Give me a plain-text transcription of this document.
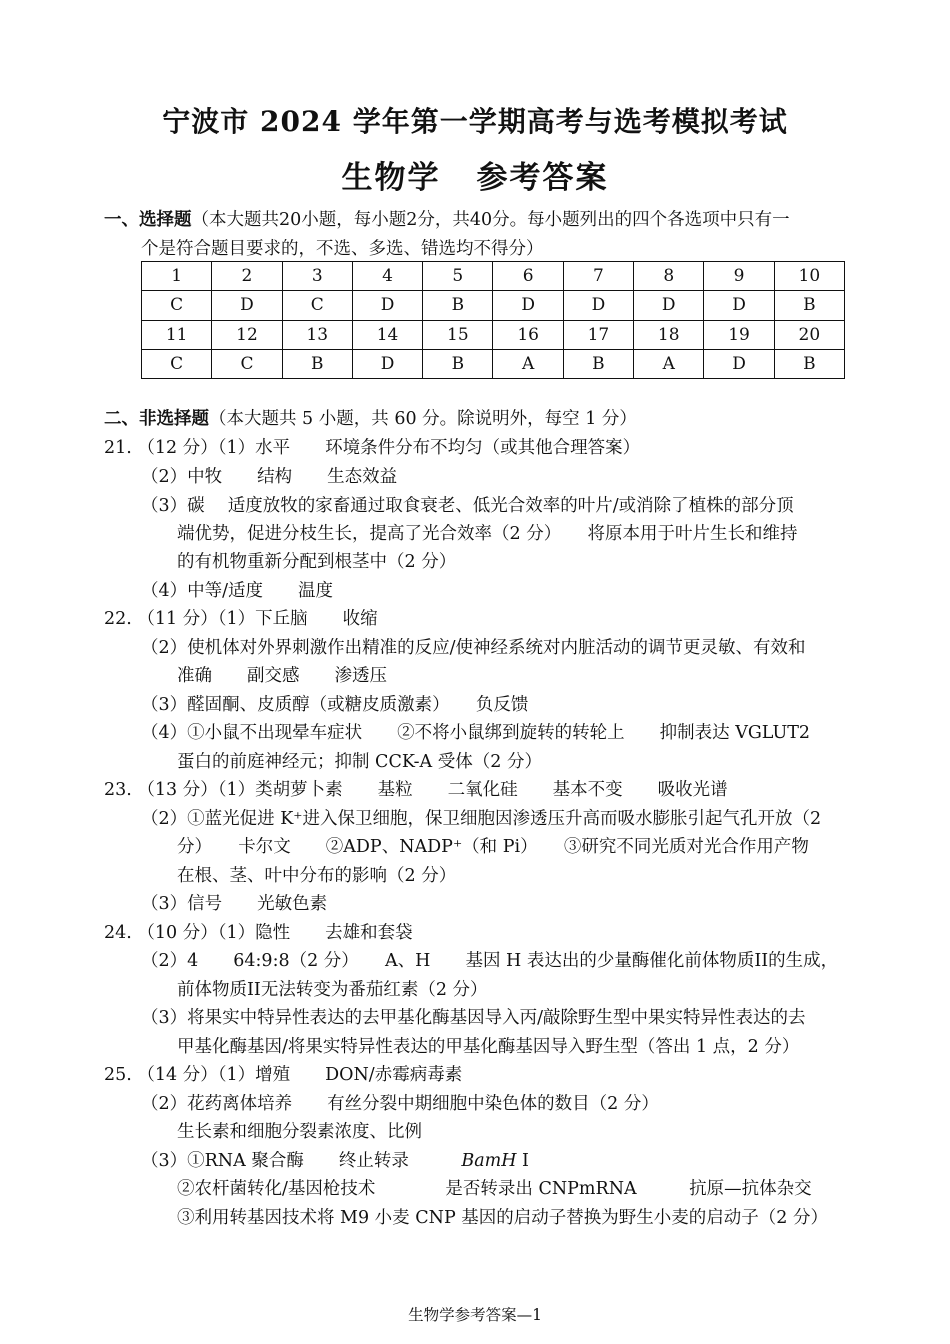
宁波市 2024 学年第一学期高考与选考模拟考试
生物学 参考答案
一、选择题（本大题共20小题，每小题2分，共40分。每小题列出的四个各选项中只有一
个是符合题目要求的，不选、多选、错选均不得分）
1	2	3	4	5	6	7	8	9	10
C	D	C	D	B	D	D	D	D	B
11	12	13	14	15	16	17	18	19	20
C	C	B	D	B	A	B	A	D	B
二、非选择题（本大题共 5 小题，共 60 分。除说明外，每空 1 分）
21. （12 分）（1）水平　　环境条件分布不均匀（或其他合理答案）
（2）中牧　　结构　　生态效益
（3）碳　 适度放牧的家畜通过取食衰老、低光合效率的叶片/或消除了植株的部分顶
端优势，促进分枝生长，提高了光合效率（2 分）　　将原本用于叶片生长和维持
的有机物重新分配到根茎中（2 分）
（4）中等/适度　　温度
22. （11 分）（1）下丘脑　　收缩
（2）使机体对外界刺激作出精准的反应/使神经系统对内脏活动的调节更灵敏、有效和
准确　　副交感　　渗透压
（3）醛固酮、皮质醇（或糖皮质激素）　　负反馈
（4）①小鼠不出现晕车症状　　②不将小鼠绑到旋转的转轮上　　抑制表达 VGLUT2
蛋白的前庭神经元；抑制 CCK-A 受体（2 分）
23. （13 分）（1）类胡萝卜素　　基粒　　二氧化硅　　基本不变　　吸收光谱
（2）①蓝光促进 K⁺进入保卫细胞，保卫细胞因渗透压升高而吸水膨胀引起气孔开放（2
分）　　卡尔文　　②ADP、NADP⁺（和 Pi）　　③研究不同光质对光合作用产物
在根、茎、叶中分布的影响（2 分）
（3）信号　　光敏色素
24. （10 分）（1）隐性　　去雄和套袋
（2）4　　64:9:8（2 分）　　A、H　　基因 H 表达出的少量酶催化前体物质II的生成，
前体物质II无法转变为番茄红素（2 分）
（3）将果实中特异性表达的去甲基化酶基因导入丙/敲除野生型中果实特异性表达的去
甲基化酶基因/将果实特异性表达的甲基化酶基因导入野生型（答出 1 点，2 分）
25. （14 分）（1）增殖　　DON/赤霉病毒素
（2）花药离体培养　　有丝分裂中期细胞中染色体的数目（2 分）
生长素和细胞分裂素浓度、比例
（3）①RNA 聚合酶　　终止转录　　　BamH I
②农杆菌转化/基因枪技术　　　　是否转录出 CNPmRNA　　　抗原—抗体杂交
③利用转基因技术将 M9 小麦 CNP 基因的启动子替换为野生小麦的启动子（2 分）
生物学参考答案—1
